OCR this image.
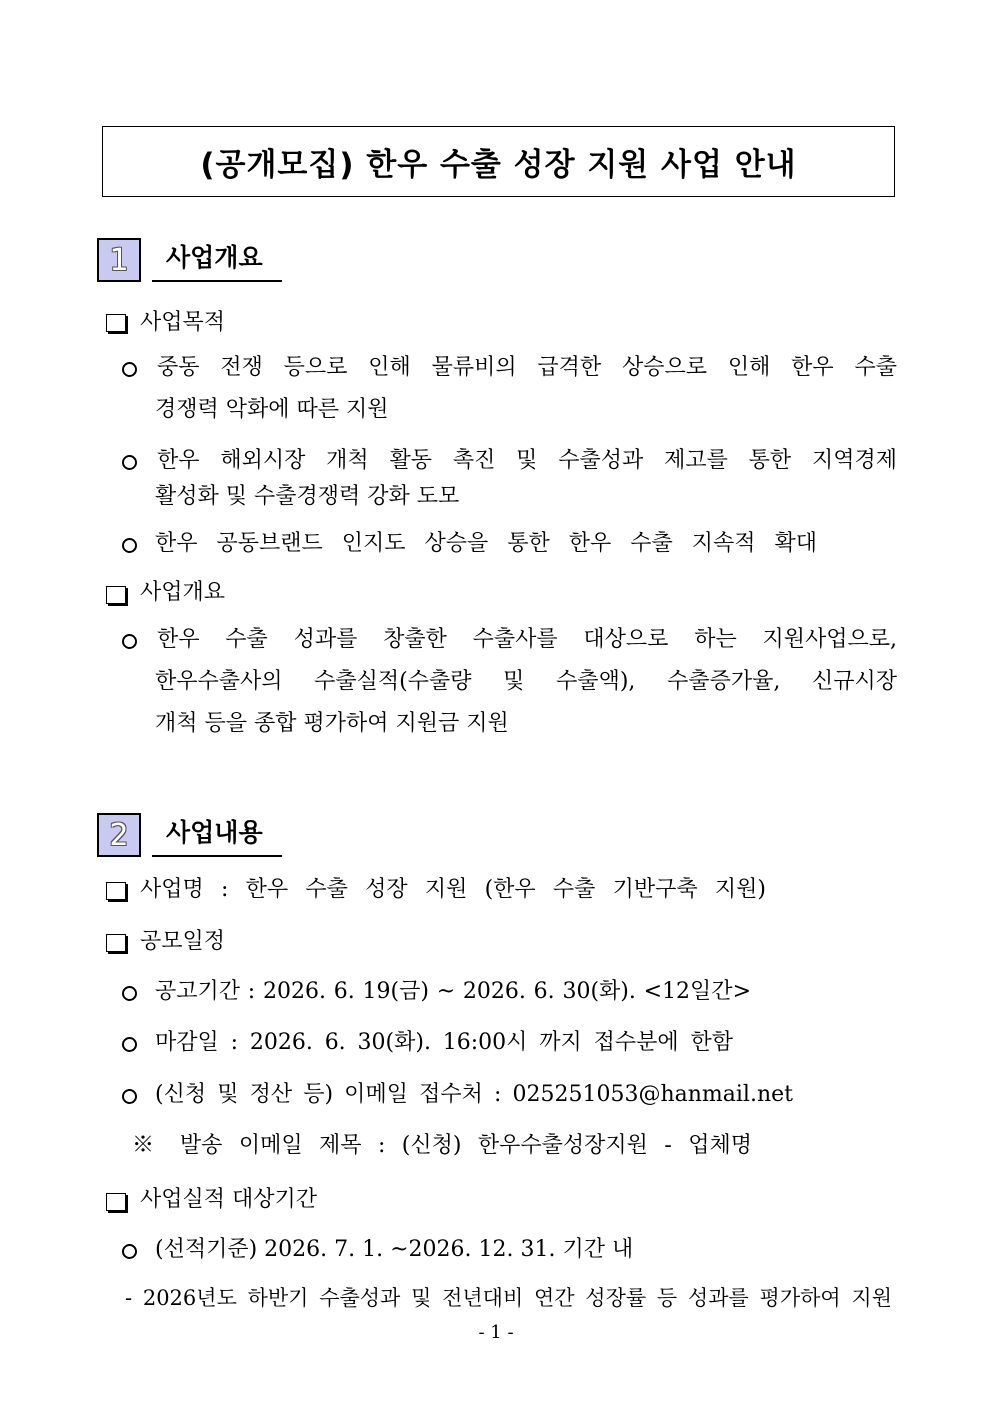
(공개모집) 한우 수출 성장 지원 사업 안내
1	사업개요
사업목적
중동 전쟁 등으로 인해 물류비의 급격한 상승으로 인해 한우 수출
경쟁력 악화에 따른 지원
한우 해외시장 개척 활동 촉진 및 수출성과 제고를 통한 지역경제
활성화 및 수출경쟁력 강화 도모
한우 공동브랜드 인지도 상승을 통한 한우 수출 지속적 확대
사업개요
한우 수출 성과를 창출한 수출사를 대상으로 하는 지원사업으로,
한우수출사의 수출실적(수출량 및 수출액), 수출증가율, 신규시장
개척 등을 종합 평가하여 지원금 지원
2	사업내용
사업명 : 한우 수출 성장 지원 (한우 수출 기반구축 지원)
공모일정
공고기간 : 2026. 6. 19(금) ~ 2026. 6. 30(화). <12일간>
마감일 : 2026. 6. 30(화). 16:00시 까지 접수분에 한함
(신청 및 정산 등) 이메일 접수처 : 025251053@hanmail.net
※ 발송 이메일 제목 : (신청) 한우수출성장지원 - 업체명
사업실적 대상기간
(선적기준) 2026. 7. 1. ~2026. 12. 31. 기간 내
- 2026년도 하반기 수출성과 및 전년대비 연간 성장률 등 성과를 평가하여 지원
- 1 -
